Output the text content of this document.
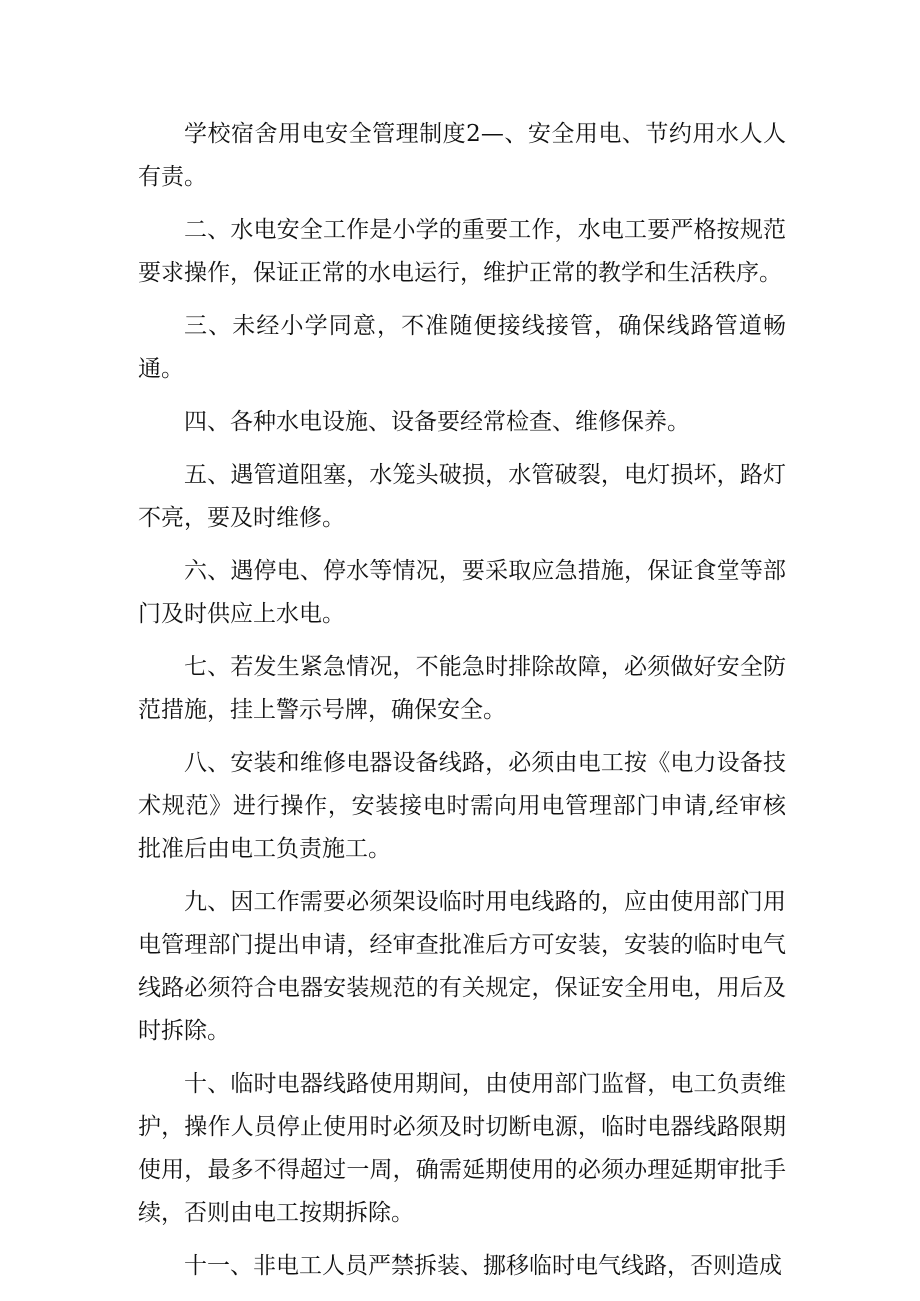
学校宿舍用电安全管理制度2—、安全用电、节约用水人人有责。

二、水电安全工作是小学的重要工作，水电工要严格按规范要求操作，保证正常的水电运行，维护正常的教学和生活秩序。

三、未经小学同意，不准随便接线接管，确保线路管道畅通。

四、各种水电设施、设备要经常检查、维修保养。

五、遇管道阻塞，水笼头破损，水管破裂，电灯损坏，路灯不亮，要及时维修。

六、遇停电、停水等情况，要采取应急措施，保证食堂等部门及时供应上水电。

七、若发生紧急情况，不能急时排除故障，必须做好安全防范措施，挂上警示号牌，确保安全。

八、安装和维修电器设备线路，必须由电工按《电力设备技术规范》进行操作，安装接电时需向用电管理部门申请,经审核批准后由电工负责施工。

九、因工作需要必须架设临时用电线路的，应由使用部门用电管理部门提出申请，经审查批准后方可安装，安装的临时电气线路必须符合电器安装规范的有关规定，保证安全用电，用后及时拆除。

十、临时电器线路使用期间，由使用部门监督，电工负责维护，操作人员停止使用时必须及时切断电源，临时电器线路限期使用，最多不得超过一周，确需延期使用的必须办理延期审批手续，否则由电工按期拆除。

十一、非电工人员严禁拆装、挪移临时电气线路，否则造成
